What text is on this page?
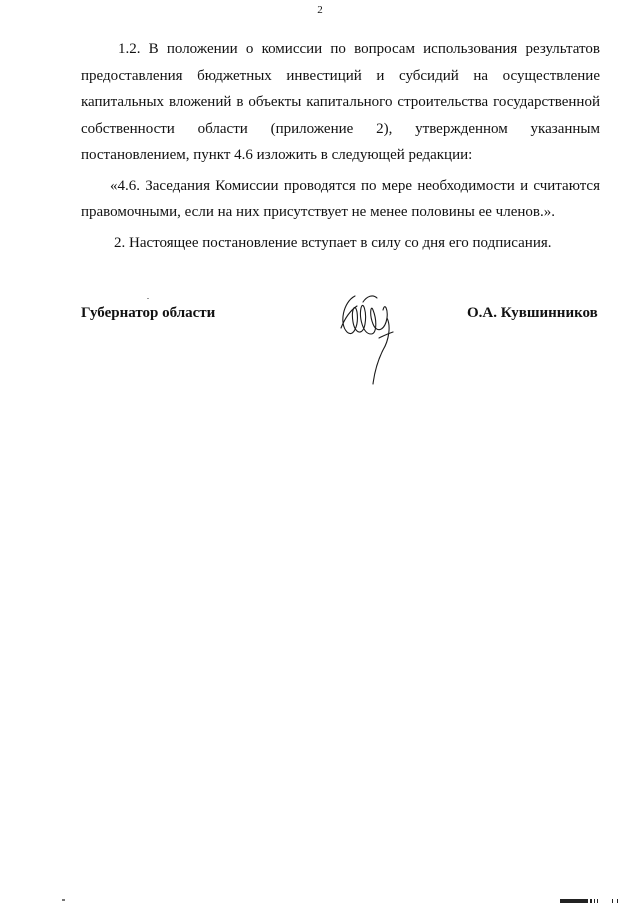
2

1.2. В положении о комиссии по вопросам использования результатов предоставления бюджетных инвестиций и субсидий на осуществление капитальных вложений в объекты капитального строительства государственной собственности области (приложение 2), утвержденном указанным постановлением, пункт 4.6 изложить в следующей редакции:

«4.6. Заседания Комиссии проводятся по мере необходимости и считаются правомочными, если на них присутствует не менее половины ее членов.».

2. Настоящее постановление вступает в силу со дня его подписания.

Губернатор области	О.А. Кувшинников
